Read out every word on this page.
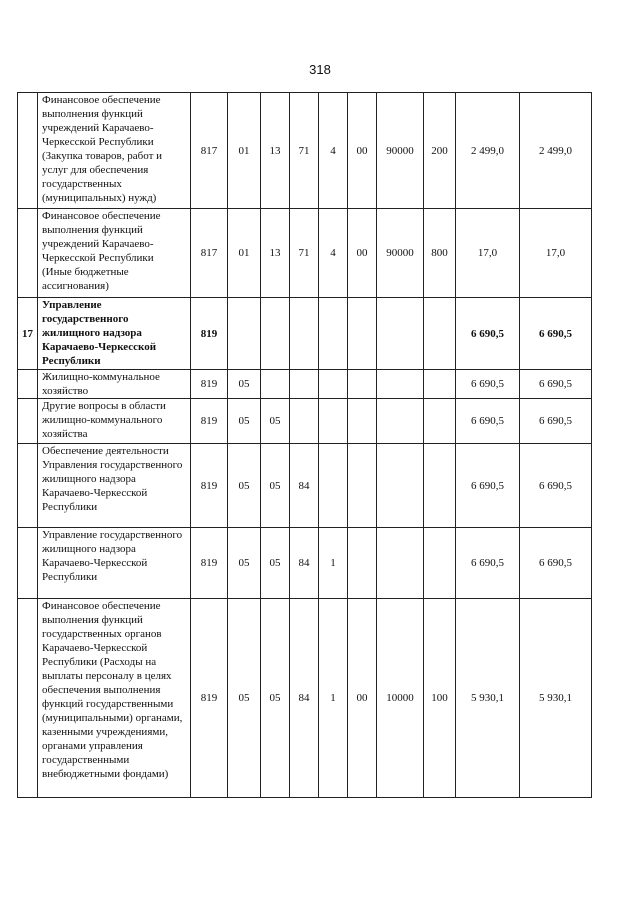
318
	Финансовое обеспечение выполнения функций учреждений Карачаево-Черкесской Республики (Закупка товаров, работ и услуг для обеспечения государственных (муниципальных) нужд)	817	01	13	71	4	00	90000	200	2 499,0	2 499,0
	Финансовое обеспечение выполнения функций учреждений Карачаево-Черкесской Республики (Иные бюджетные ассигнования)	817	01	13	71	4	00	90000	800	17,0	17,0
17	Управление государственного жилищного надзора Карачаево-Черкесской Республики	819								6 690,5	6 690,5
	Жилищно-коммунальное хозяйство	819	05							6 690,5	6 690,5
	Другие вопросы в области жилищно-коммунального хозяйства	819	05	05						6 690,5	6 690,5
	Обеспечение деятельности Управления государственного жилищного надзора Карачаево-Черкесской Республики	819	05	05	84					6 690,5	6 690,5
	Управление государственного жилищного надзора Карачаево-Черкесской Республики	819	05	05	84	1				6 690,5	6 690,5
	Финансовое обеспечение выполнения функций государственных органов Карачаево-Черкесской Республики (Расходы на выплаты персоналу в целях обеспечения выполнения функций государственными (муниципальными) органами, казенными учреждениями, органами управления государственными внебюджетными фондами)	819	05	05	84	1	00	10000	100	5 930,1	5 930,1
